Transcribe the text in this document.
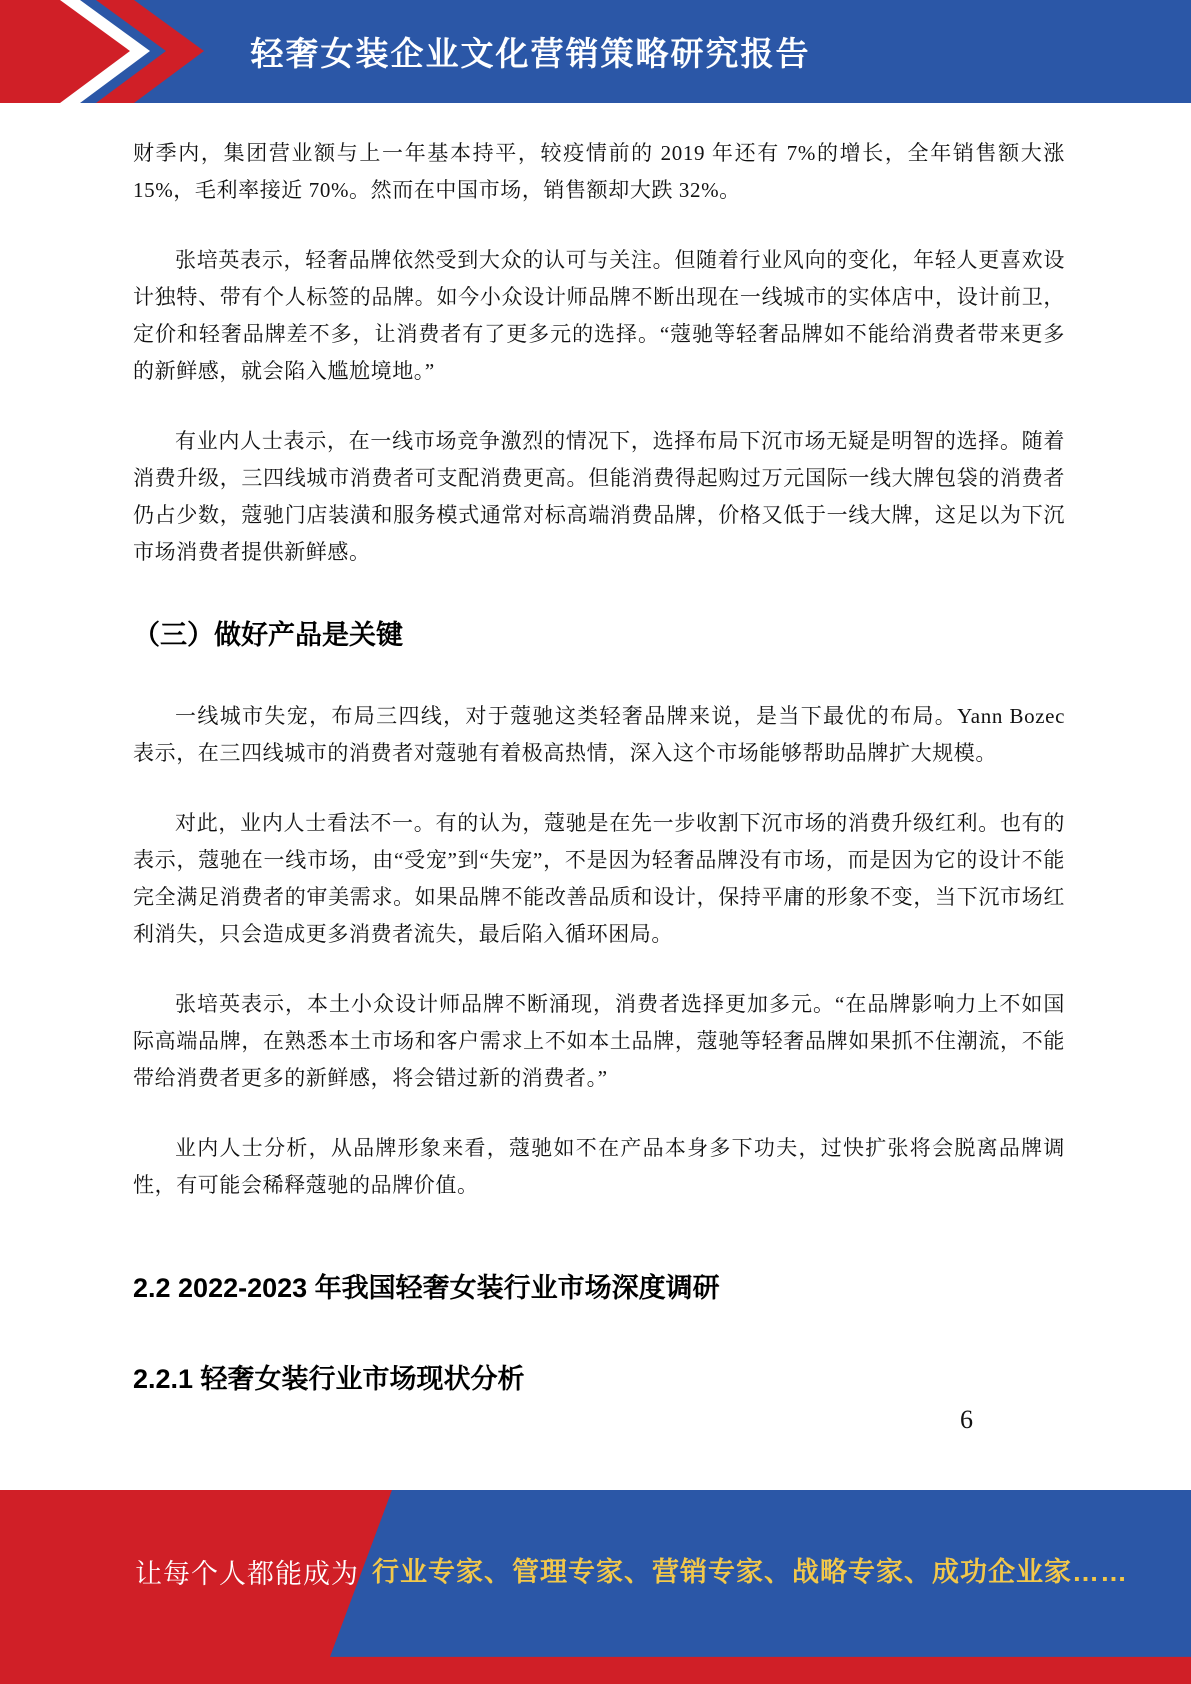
轻奢女装企业文化营销策略研究报告

财季内，集团营业额与上一年基本持平，较疫情前的 2019 年还有 7%的增长，全年销售额大涨 15%，毛利率接近 70%。然而在中国市场，销售额却大跌 32%。

张培英表示，轻奢品牌依然受到大众的认可与关注。但随着行业风向的变化，年轻人更喜欢设计独特、带有个人标签的品牌。如今小众设计师品牌不断出现在一线城市的实体店中，设计前卫，定价和轻奢品牌差不多，让消费者有了更多元的选择。“蔻驰等轻奢品牌如不能给消费者带来更多的新鲜感，就会陷入尴尬境地。”

有业内人士表示，在一线市场竞争激烈的情况下，选择布局下沉市场无疑是明智的选择。随着消费升级，三四线城市消费者可支配消费更高。但能消费得起购过万元国际一线大牌包袋的消费者仍占少数，蔻驰门店装潢和服务模式通常对标高端消费品牌，价格又低于一线大牌，这足以为下沉市场消费者提供新鲜感。

（三）做好产品是关键

一线城市失宠，布局三四线，对于蔻驰这类轻奢品牌来说，是当下最优的布局。Yann Bozec 表示，在三四线城市的消费者对蔻驰有着极高热情，深入这个市场能够帮助品牌扩大规模。

对此，业内人士看法不一。有的认为，蔻驰是在先一步收割下沉市场的消费升级红利。也有的表示，蔻驰在一线市场，由“受宠”到“失宠”，不是因为轻奢品牌没有市场，而是因为它的设计不能完全满足消费者的审美需求。如果品牌不能改善品质和设计，保持平庸的形象不变，当下沉市场红利消失，只会造成更多消费者流失，最后陷入循环困局。

张培英表示，本土小众设计师品牌不断涌现，消费者选择更加多元。“在品牌影响力上不如国际高端品牌，在熟悉本土市场和客户需求上不如本土品牌，蔻驰等轻奢品牌如果抓不住潮流，不能带给消费者更多的新鲜感，将会错过新的消费者。”

业内人士分析，从品牌形象来看，蔻驰如不在产品本身多下功夫，过快扩张将会脱离品牌调性，有可能会稀释蔻驰的品牌价值。

2.2 2022-2023 年我国轻奢女装行业市场深度调研
2.2.1 轻奢女装行业市场现状分析
6
让每个人都能成为 行业专家、管理专家、营销专家、战略专家、成功企业家……
